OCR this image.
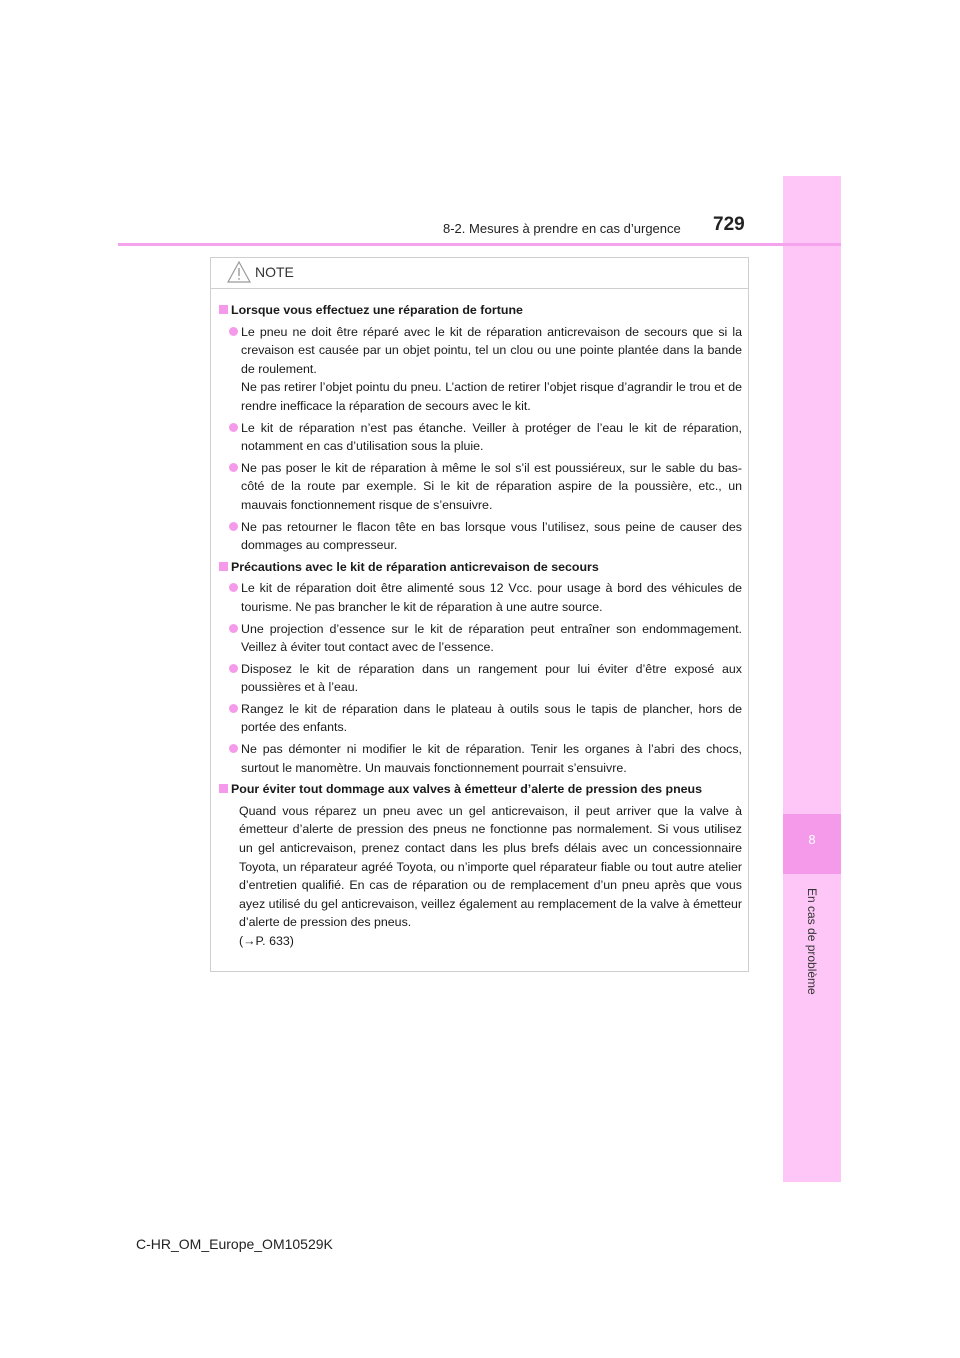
8
En cas de problème
8-2. Mesures à prendre en cas d’urgence 729
NOTE
Lorsque vous effectuez une réparation de fortune

Le pneu ne doit être réparé avec le kit de réparation anticrevaison de secours que si la crevaison est causée par un objet pointu, tel un clou ou une pointe plantée dans la bande de roulement.

Ne pas retirer l’objet pointu du pneu. L’action de retirer l’objet risque d’agrandir le trou et de rendre inefficace la réparation de secours avec le kit.

Le kit de réparation n’est pas étanche. Veiller à protéger de l’eau le kit de réparation, notamment en cas d’utilisation sous la pluie.

Ne pas poser le kit de réparation à même le sol s’il est poussiéreux, sur le sable du bas-côté de la route par exemple. Si le kit de réparation aspire de la poussière, etc., un mauvais fonctionnement risque de s’ensuivre.

Ne pas retourner le flacon tête en bas lorsque vous l’utilisez, sous peine de causer des dommages au compresseur.

Précautions avec le kit de réparation anticrevaison de secours

Le kit de réparation doit être alimenté sous 12 Vcc. pour usage à bord des véhicules de tourisme. Ne pas brancher le kit de réparation à une autre source.

Une projection d’essence sur le kit de réparation peut entraîner son endommagement. Veillez à éviter tout contact avec de l’essence.

Disposez le kit de réparation dans un rangement pour lui éviter d’être exposé aux poussières et à l’eau.

Rangez le kit de réparation dans le plateau à outils sous le tapis de plancher, hors de portée des enfants.

Ne pas démonter ni modifier le kit de réparation. Tenir les organes à l’abri des chocs, surtout le manomètre. Un mauvais fonctionnement pourrait s’ensuivre.

Pour éviter tout dommage aux valves à émetteur d’alerte de pression des pneus

Quand vous réparez un pneu avec un gel anticrevaison, il peut arriver que la valve à émetteur d’alerte de pression des pneus ne fonctionne pas normalement. Si vous utilisez un gel anticrevaison, prenez contact dans les plus brefs délais avec un concessionnaire Toyota, un réparateur agréé Toyota, ou n’importe quel réparateur fiable ou tout autre atelier d’entretien qualifié. En cas de réparation ou de remplacement d’un pneu après que vous ayez utilisé du gel anticrevaison, veillez également au remplacement de la valve à émetteur d’alerte de pression des pneus.

(→P. 633)

C-HR_OM_Europe_OM10529K
